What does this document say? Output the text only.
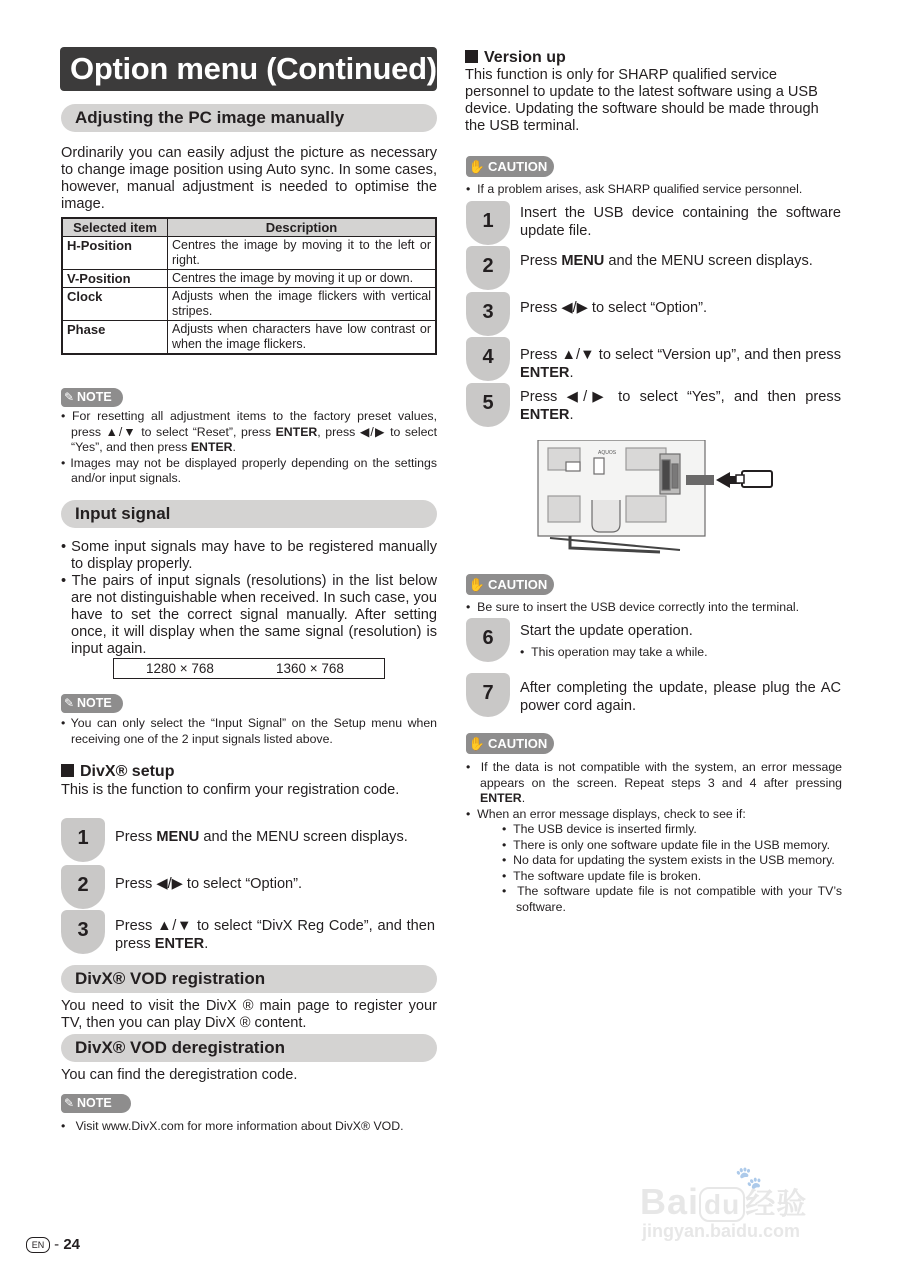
Option menu (Continued)
Adjusting the PC image manually
Ordinarily you can easily adjust the picture as necessary to change image position using Auto sync. In some cases, however, manual adjustment is needed to optimise the image.
Selected item	Description
H-Position	Centres the image by moving it to the left or right.
V-Position	Centres the image by moving it up or down.
Clock	Adjusts when the image flickers with vertical stripes.
Phase	Adjusts when characters have low contrast or when the image flickers.
✎ NOTE
• For resetting all adjustment items to the factory preset values, press ▲/▼ to select “Reset”, press ENTER, press ◀/▶ to select “Yes”, and then press ENTER.
• Images may not be displayed properly depending on the settings and/or input signals.
Input signal
• Some input signals may have to be registered manually to display properly.
• The pairs of input signals (resolutions) in the list below are not distinguishable when received. In such case, you have to set the correct signal manually. After setting once, it will display when the same signal (resolution) is input again.
1280 × 768	1360 × 768
✎ NOTE
• You can only select the “Input Signal” on the Setup menu when receiving one of the 2 input signals listed above.
DivX® setup
This is the function to confirm your registration code.
1	Press MENU and the MENU screen displays.
2	Press ◀/▶ to select “Option”.
3	Press ▲/▼ to select “DivX Reg Code”, and then press ENTER.
DivX® VOD registration
You need to visit the DivX ® main page to register your TV, then you can play DivX ® content.
DivX® VOD deregistration
You can find the deregistration code.
✎ NOTE
•   Visit www.DivX.com for more information about DivX® VOD.
Version up
This function is only for SHARP qualified service personnel to update to the latest software using a USB device. Updating the software should be made through the USB terminal.
✋ CAUTION
•  If a problem arises, ask SHARP qualified service personnel.
1	Insert the USB device containing the software update file.
2	Press MENU and the MENU screen displays.
3	Press ◀/▶ to select “Option”.
4	Press ▲/▼ to select “Version up”, and then press ENTER.
5	Press ◀/▶ to select “Yes”, and then press ENTER.
AQUOS
✋ CAUTION
•  Be sure to insert the USB device correctly into the terminal.
6	Start the update operation.
•  This operation may take a while.
7	After completing the update, please plug the AC power cord again.
✋ CAUTION
•  If the data is not compatible with the system, an error message appears on the screen. Repeat steps 3 and 4 after pressing ENTER.
•  When an error message displays, check to see if:
•  The USB device is inserted firmly.
•  There is only one software update file in the USB memory.
•  No data for updating the system exists in the USB memory.
•  The software update file is broken.
•  The software update file is not compatible with your TV’s software.
EN - 24
🐾
Bai du 经验
jingyan.baidu.com
